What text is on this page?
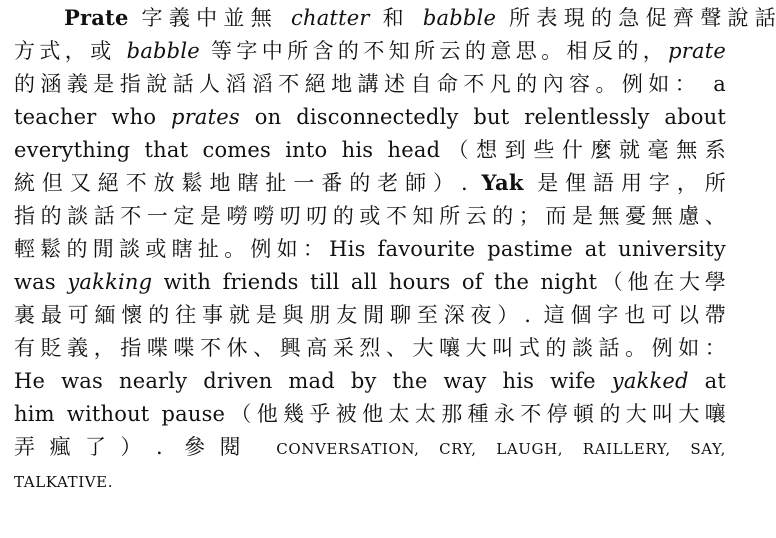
Prate 字義中並無 chatter 和 babble 所表現的急促齊聲說話
方式，或 babble 等字中所含的不知所云的意思。相反的，prate
的涵義是指說話人滔滔不絕地講述自命不凡的內容。例如： a
teacher who prates on disconnectedly but relentlessly about
everything that comes into his head（想到些什麼就毫無系
統但又絕不放鬆地瞎扯一番的老師）. Yak 是俚語用字，所
指的談話不一定是嘮嘮叨叨的或不知所云的；而是無憂無慮、
輕鬆的閒談或瞎扯。例如：His favourite pastime at university
was yakking with friends till all hours of the night（他在大學
裏最可緬懷的往事就是與朋友閒聊至深夜）. 這個字也可以帶
有貶義，指喋喋不休、興高采烈、大嚷大叫式的談話。例如：
He was nearly driven mad by the way his wife yakked at
him without pause（他幾乎被他太太那種永不停頓的大叫大嚷
弄瘋了）. 參閱 CONVERSATION, CRY, LAUGH, RAILLERY, SAY,
TALKATIVE.
